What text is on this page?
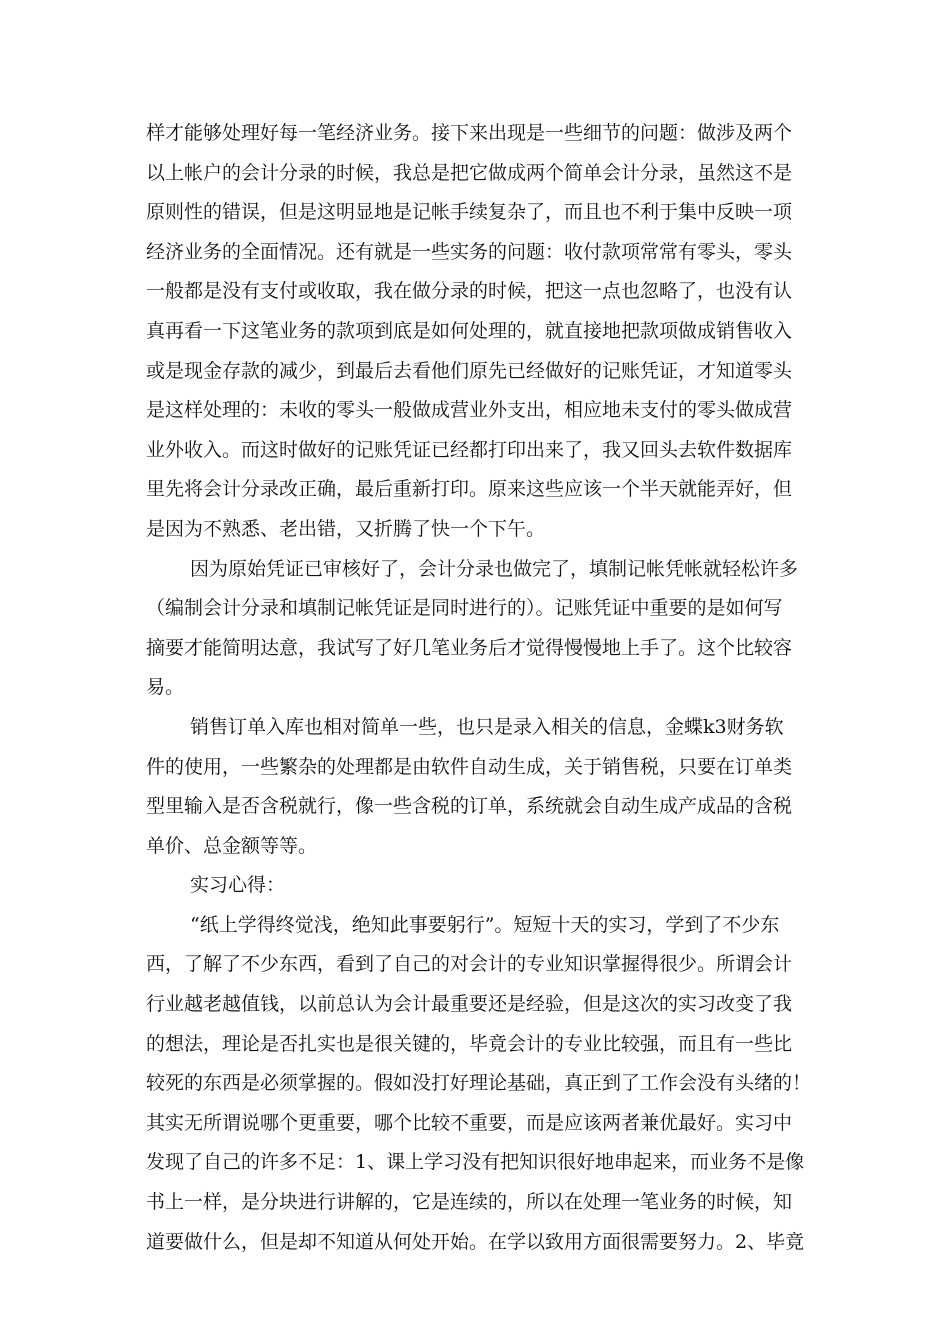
样才能够处理好每一笔经济业务。接下来出现是一些细节的问题：做涉及两个
以上帐户的会计分录的时候，我总是把它做成两个简单会计分录，虽然这不是
原则性的错误，但是这明显地是记帐手续复杂了，而且也不利于集中反映一项
经济业务的全面情况。还有就是一些实务的问题：收付款项常常有零头，零头
一般都是没有支付或收取，我在做分录的时候，把这一点也忽略了，也没有认
真再看一下这笔业务的款项到底是如何处理的，就直接地把款项做成销售收入
或是现金存款的减少，到最后去看他们原先已经做好的记账凭证，才知道零头
是这样处理的：未收的零头一般做成营业外支出，相应地未支付的零头做成营
业外收入。而这时做好的记账凭证已经都打印出来了，我又回头去软件数据库
里先将会计分录改正确，最后重新打印。原来这些应该一个半天就能弄好，但
是因为不熟悉、老出错，又折腾了快一个下午。
因为原始凭证已审核好了，会计分录也做完了，填制记帐凭帐就轻松许多
（编制会计分录和填制记帐凭证是同时进行的）。记账凭证中重要的是如何写
摘要才能简明达意，我试写了好几笔业务后才觉得慢慢地上手了。这个比较容
易。
销售订单入库也相对简单一些，也只是录入相关的信息，金蝶k3财务软
件的使用，一些繁杂的处理都是由软件自动生成，关于销售税，只要在订单类
型里输入是否含税就行，像一些含税的订单，系统就会自动生成产成品的含税
单价、总金额等等。
实习心得：
“纸上学得终觉浅，绝知此事要躬行”。短短十天的实习，学到了不少东
西，了解了不少东西，看到了自己的对会计的专业知识掌握得很少。所谓会计
行业越老越值钱，以前总认为会计最重要还是经验，但是这次的实习改变了我
的想法，理论是否扎实也是很关键的，毕竟会计的专业比较强，而且有一些比
较死的东西是必须掌握的。假如没打好理论基础，真正到了工作会没有头绪的！
其实无所谓说哪个更重要，哪个比较不重要，而是应该两者兼优最好。实习中
发现了自己的许多不足：1、课上学习没有把知识很好地串起来，而业务不是像
书上一样，是分块进行讲解的，它是连续的，所以在处理一笔业务的时候，知
道要做什么，但是却不知道从何处开始。在学以致用方面很需要努力。2、毕竟
